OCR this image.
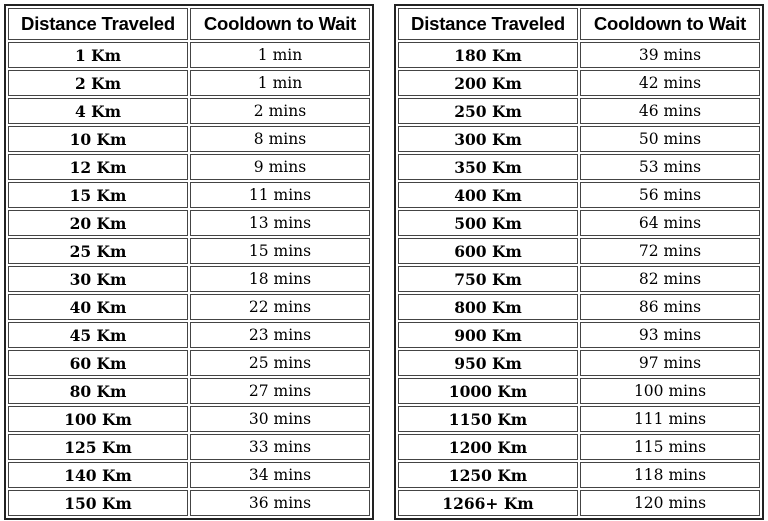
Distance Traveled	Cooldown to Wait
1 Km	1 min
2 Km	1 min
4 Km	2 mins
10 Km	8 mins
12 Km	9 mins
15 Km	11 mins
20 Km	13 mins
25 Km	15 mins
30 Km	18 mins
40 Km	22 mins
45 Km	23 mins
60 Km	25 mins
80 Km	27 mins
100 Km	30 mins
125 Km	33 mins
140 Km	34 mins
150 Km	36 mins
Distance Traveled	Cooldown to Wait
180 Km	39 mins
200 Km	42 mins
250 Km	46 mins
300 Km	50 mins
350 Km	53 mins
400 Km	56 mins
500 Km	64 mins
600 Km	72 mins
750 Km	82 mins
800 Km	86 mins
900 Km	93 mins
950 Km	97 mins
1000 Km	100 mins
1150 Km	111 mins
1200 Km	115 mins
1250 Km	118 mins
1266+ Km	120 mins
